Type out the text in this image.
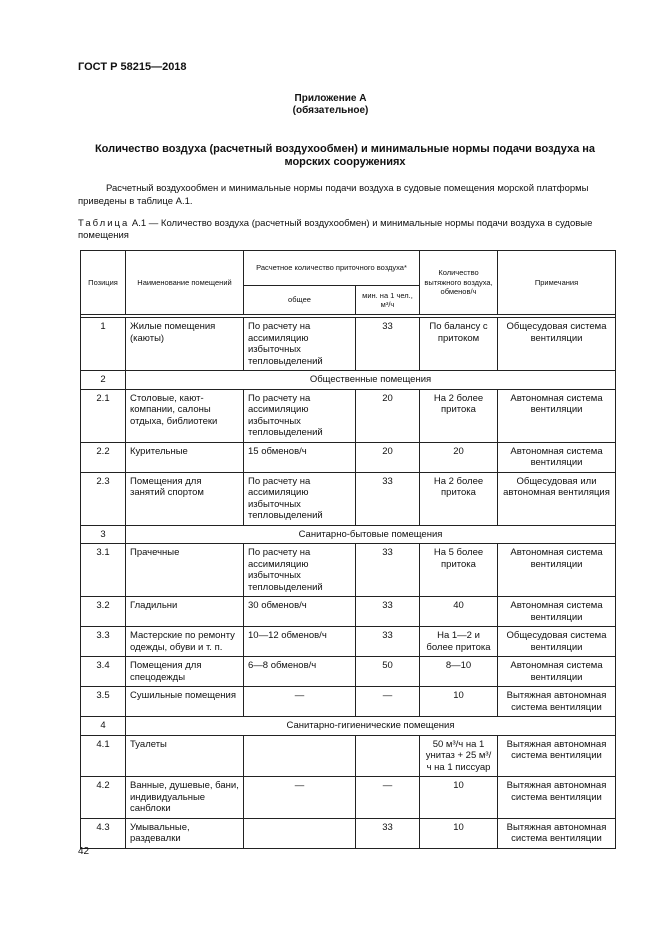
ГОСТ Р 58215—2018
Приложение А
(обязательное)
Количество воздуха (расчетный воздухообмен) и минимальные нормы подачи воздуха на морских сооружениях
Расчетный воздухообмен и минимальные нормы подачи воздуха в судовые помещения морской платформы приведены в таблице А.1.
Таблица А.1 — Количество воздуха (расчетный воздухообмен) и минимальные нормы подачи воздуха в судовые помещения
Позиция	Наименование помещений	Расчетное количество приточного воздуха*		Количество вытяжного воздуха, обменов/ч	Примечания
		общее	мин. на 1 чел., м³/ч		

1	Жилые помещения (каюты)	По расчету на ассимиляцию избыточных тепловыделений	33	По балансу с притоком	Общесудовая система вентиляции
2	Общественные помещения				
2.1	Столовые, кают-компании, салоны отдыха, библиотеки	По расчету на ассимиляцию избыточных тепловыделений	20	На 2 более притока	Автономная система вентиляции
2.2	Курительные	15 обменов/ч	20	20	Автономная система вентиляции
2.3	Помещения для занятий спортом	По расчету на ассимиляцию избыточных тепловыделений	33	На 2 более притока	Общесудовая или автономная вентиляция
3	Санитарно-бытовые помещения				
3.1	Прачечные	По расчету на ассимиляцию избыточных тепловыделений	33	На 5 более притока	Автономная система вентиляции
3.2	Гладильни	30 обменов/ч	33	40	Автономная система вентиляции
3.3	Мастерские по ремонту одежды, обуви и т. п.	10—12 обменов/ч	33	На 1—2 и более притока	Общесудовая система вентиляции
3.4	Помещения для спецодежды	6—8 обменов/ч	50	8—10	Автономная система вентиляции
3.5	Сушильные помещения	—	—	10	Вытяжная автономная система вентиляции
4	Санитарно-гигиенические помещения				
4.1	Туалеты			50 м³/ч на 1 унитаз + 25 м³/ч на 1 писсуар	Вытяжная автономная система вентиляции
4.2	Ванные, душевые, бани, индивидуальные санблоки	—	—	10	Вытяжная автономная система вентиляции
4.3	Умывальные, раздевалки		33	10	Вытяжная автономная система вентиляции
42
